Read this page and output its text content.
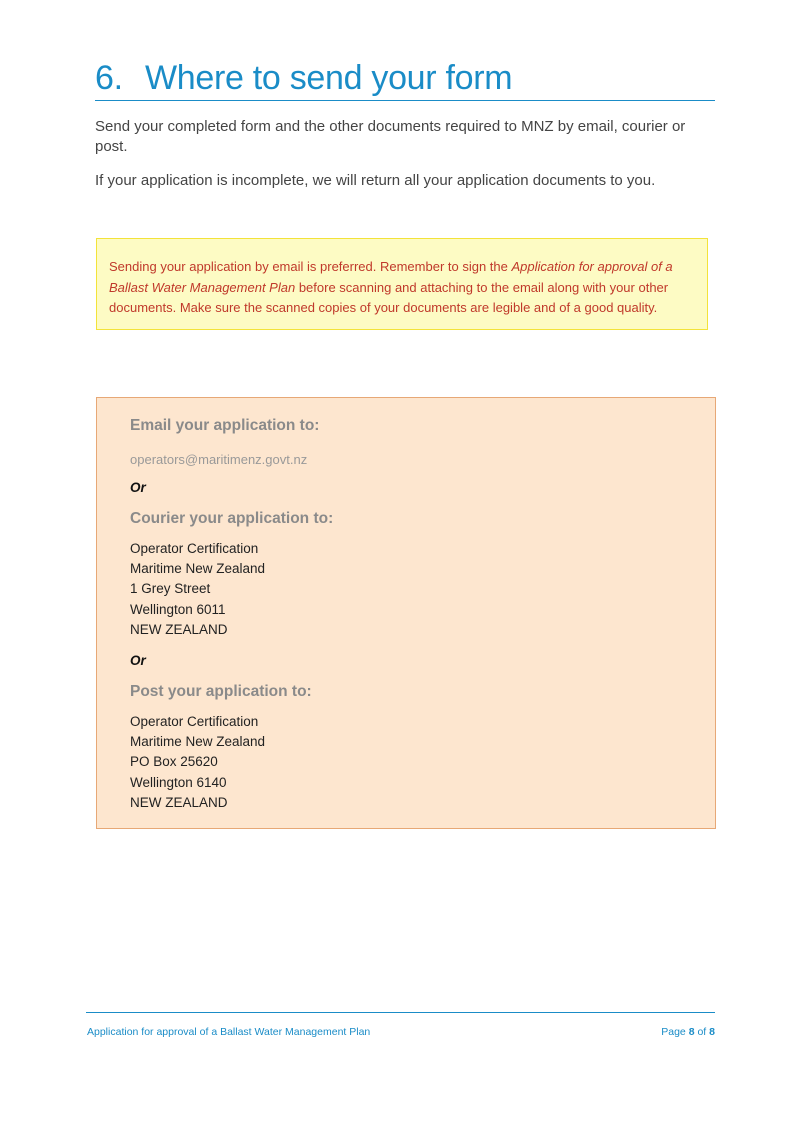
6. Where to send your form

Send your completed form and the other documents required to MNZ by email, courier or post.

If your application is incomplete, we will return all your application documents to you.

Sending your application by email is preferred. Remember to sign the Application for approval of a Ballast Water Management Plan before scanning and attaching to the email along with your other documents. Make sure the scanned copies of your documents are legible and of a good quality.
Email your application to:
operators@maritimenz.govt.nz
Or
Courier your application to:
Operator Certification
Maritime New Zealand
1 Grey Street
Wellington 6011
NEW ZEALAND
Or
Post your application to:
Operator Certification
Maritime New Zealand
PO Box 25620
Wellington 6140
NEW ZEALAND
Application for approval of a Ballast Water Management Plan	Page 8 of 8
